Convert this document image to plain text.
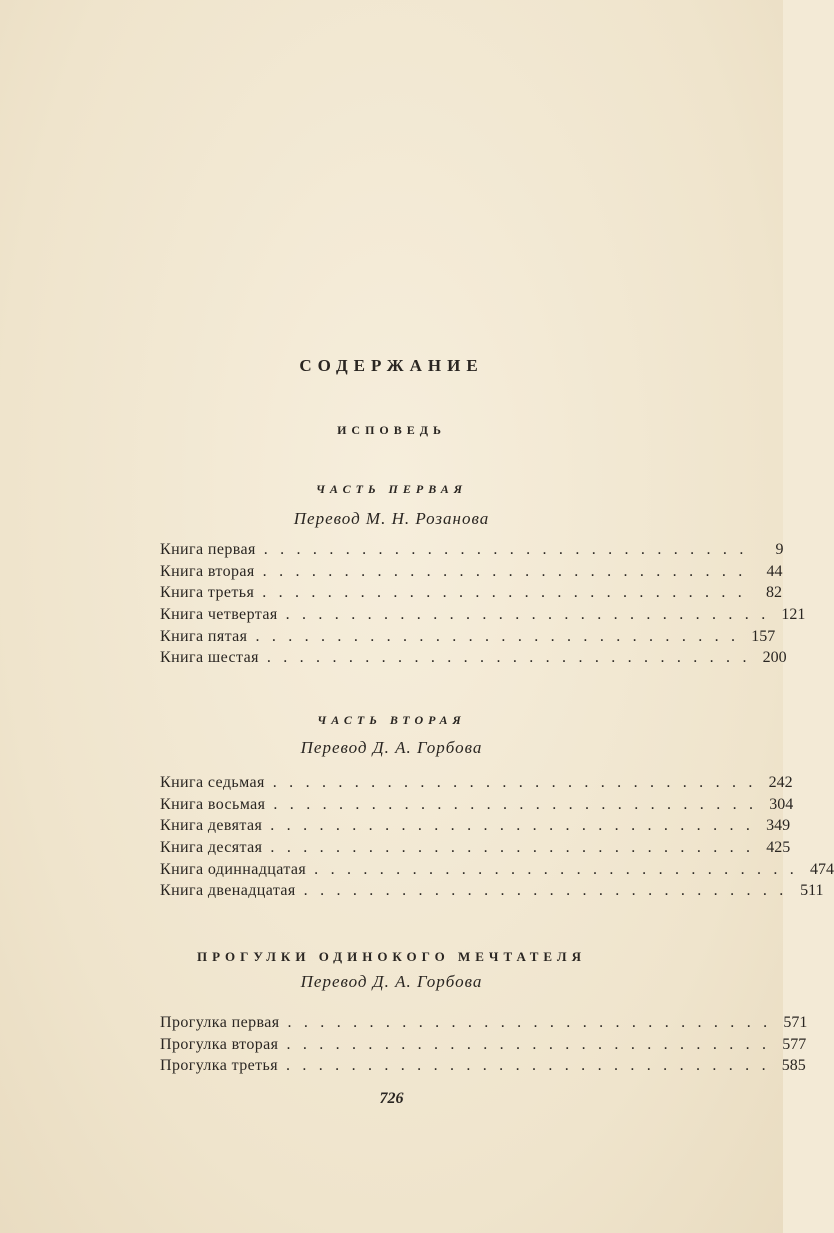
СОДЕРЖАНИЕ
ИСПОВЕДЬ
ЧАСТЬ ПЕРВАЯ
Перевод М. Н. Розанова
Книга первая . . . . . . . . . . . . . . . . . . . . . . . . . . . . . .	9
Книга вторая . . . . . . . . . . . . . . . . . . . . . . . . . . . . . .	44
Книга третья . . . . . . . . . . . . . . . . . . . . . . . . . . . . . .	82
Книга четвертая . . . . . . . . . . . . . . . . . . . . . . . . . . . . . . 121
Книга пятая . . . . . . . . . . . . . . . . . . . . . . . . . . . . . . 157
Книга шестая . . . . . . . . . . . . . . . . . . . . . . . . . . . . . . 200
ЧАСТЬ ВТОРАЯ
Перевод Д. А. Горбова
Книга седьмая . . . . . . . . . . . . . . . . . . . . . . . . . . . . . . 242
Книга восьмая . . . . . . . . . . . . . . . . . . . . . . . . . . . . . . 304
Книга девятая . . . . . . . . . . . . . . . . . . . . . . . . . . . . . . 349
Книга десятая . . . . . . . . . . . . . . . . . . . . . . . . . . . . . . 425
Книга одиннадцатая . . . . . . . . . . . . . . . . . . . . . . . . . . . . . . 474
Книга двенадцатая . . . . . . . . . . . . . . . . . . . . . . . . . . . . . . 511
ПРОГУЛКИ ОДИНОКОГО МЕЧТАТЕЛЯ
Перевод Д. А. Горбова
Прогулка первая . . . . . . . . . . . . . . . . . . . . . . . . . . . . . . 571
Прогулка вторая . . . . . . . . . . . . . . . . . . . . . . . . . . . . . . 577
Прогулка третья . . . . . . . . . . . . . . . . . . . . . . . . . . . . . . 585
726
